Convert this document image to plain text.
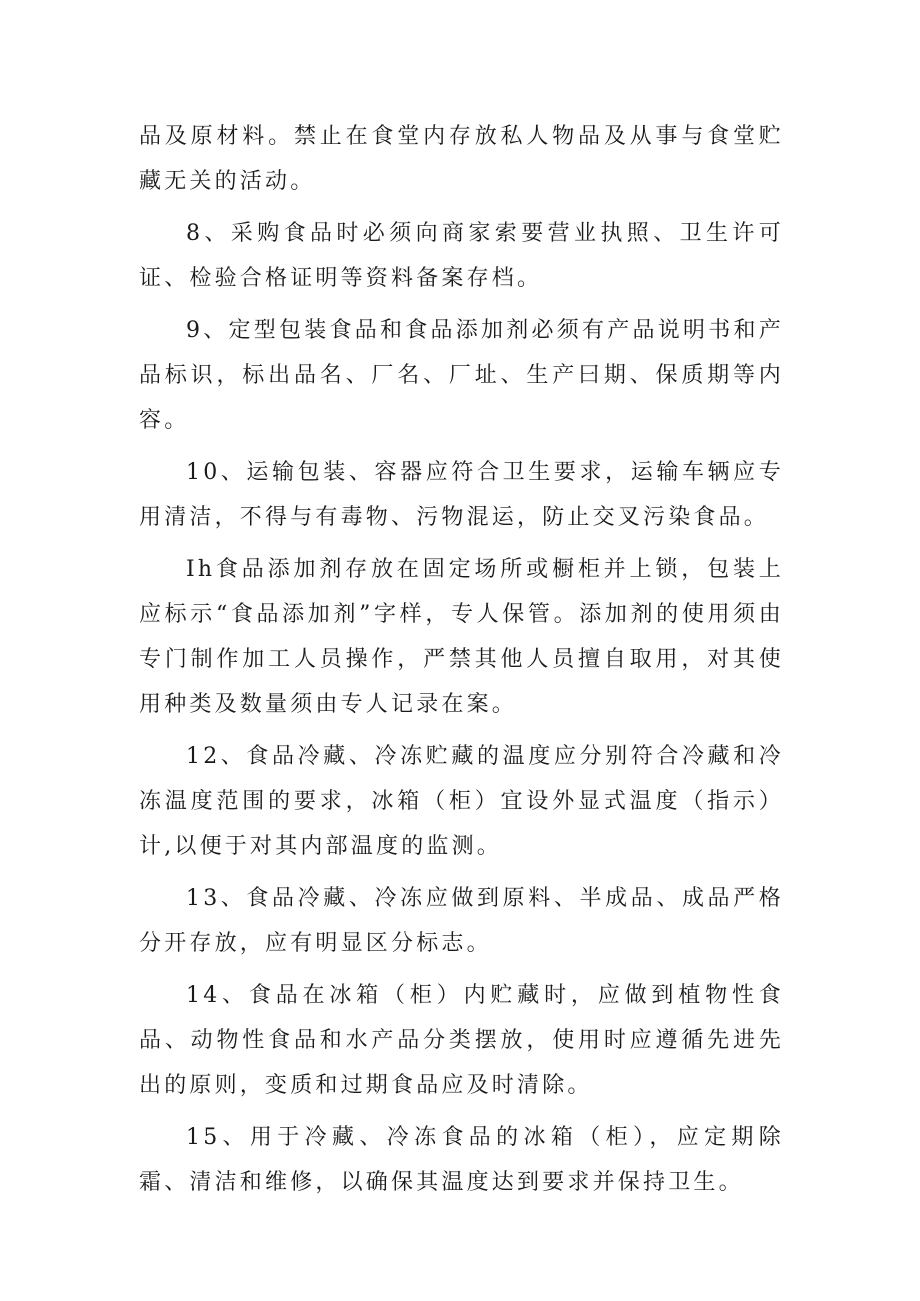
品及原材料。禁止在食堂内存放私人物品及从事与食堂贮藏无关的活动。

8、采购食品时必须向商家索要营业执照、卫生许可证、检验合格证明等资料备案存档。

9、定型包装食品和食品添加剂必须有产品说明书和产品标识，标出品名、厂名、厂址、生产曰期、保质期等内容。

10、运输包装、容器应符合卫生要求，运输车辆应专用清洁，不得与有毒物、污物混运，防止交叉污染食品。

Ih食品添加剂存放在固定场所或橱柜并上锁，包装上应标示“食品添加剂”字样，专人保管。添加剂的使用须由专门制作加工人员操作，严禁其他人员擅自取用，对其使用种类及数量须由专人记录在案。

12、食品冷藏、冷冻贮藏的温度应分别符合冷藏和冷冻温度范围的要求，冰箱（柜）宜设外显式温度（指示）计,以便于对其内部温度的监测。

13、食品冷藏、冷冻应做到原料、半成品、成品严格分开存放，应有明显区分标志。

14、食品在冰箱（柜）内贮藏时，应做到植物性食品、动物性食品和水产品分类摆放，使用时应遵循先进先出的原则，变质和过期食品应及时清除。

15、用于冷藏、冷冻食品的冰箱（柜），应定期除霜、清洁和维修，以确保其温度达到要求并保持卫生。
